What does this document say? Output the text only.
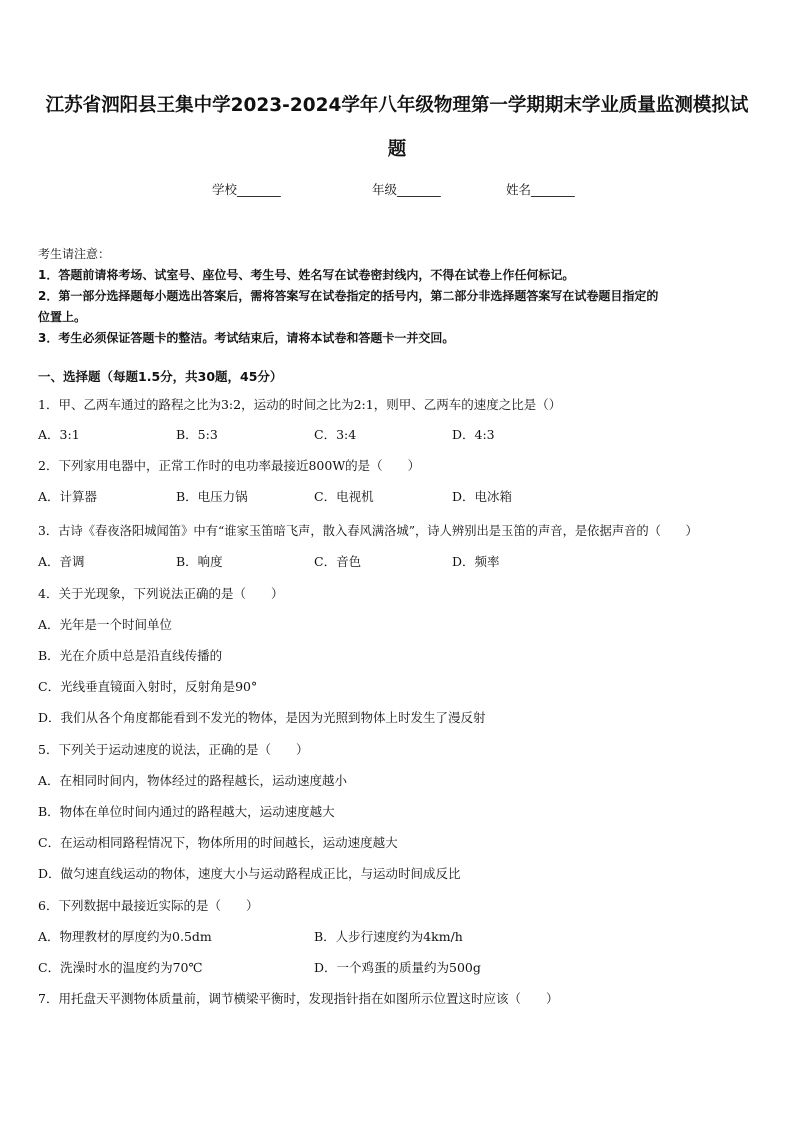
江苏省泗阳县王集中学2023-2024学年八年级物理第一学期期末学业质量监测模拟试
题
学校_______	年级_______	姓名_______
考生请注意：
1．答题前请将考场、试室号、座位号、考生号、姓名写在试卷密封线内，不得在试卷上作任何标记。
2．第一部分选择题每小题选出答案后，需将答案写在试卷指定的括号内，第二部分非选择题答案写在试卷题目指定的
位置上。
3．考生必须保证答题卡的整洁。考试结束后，请将本试卷和答题卡一并交回。
一、选择题（每题1.5分，共30题，45分）
1．甲、乙两车通过的路程之比为3:2，运动的时间之比为2:1，则甲、乙两车的速度之比是（）
A．3:1	B．5:3	C．3:4	D．4:3
2．下列家用电器中，正常工作时的电功率最接近800W的是（　　）
A．计算器	B．电压力锅	C．电视机	D．电冰箱
3．古诗《春夜洛阳城闻笛》中有“谁家玉笛暗飞声，散入春风满洛城”，诗人辨别出是玉笛的声音，是依据声音的（　　）
A．音调	B．响度	C．音色	D．频率
4．关于光现象，下列说法正确的是（　　）
A．光年是一个时间单位
B．光在介质中总是沿直线传播的
C．光线垂直镜面入射时，反射角是90°
D．我们从各个角度都能看到不发光的物体，是因为光照到物体上时发生了漫反射
5．下列关于运动速度的说法，正确的是（　　）
A．在相同时间内，物体经过的路程越长，运动速度越小
B．物体在单位时间内通过的路程越大，运动速度越大
C．在运动相同路程情况下，物体所用的时间越长，运动速度越大
D．做匀速直线运动的物体，速度大小与运动路程成正比，与运动时间成反比
6．下列数据中最接近实际的是（　　）
A．物理教材的厚度约为0.5dm	B．人步行速度约为4km/h
C．洗澡时水的温度约为70℃	D．一个鸡蛋的质量约为500g
7．用托盘天平测物体质量前，调节横梁平衡时，发现指针指在如图所示位置这时应该（　　）
